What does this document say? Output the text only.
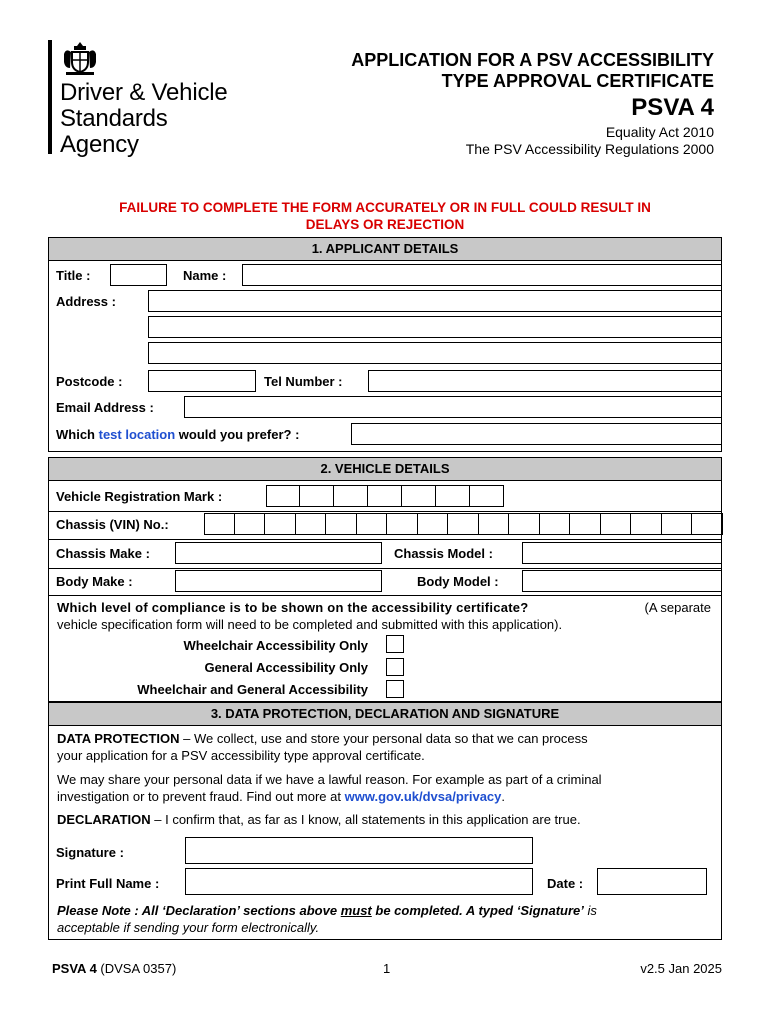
Driver & Vehicle
Standards
Agency
APPLICATION FOR A PSV ACCESSIBILITY
TYPE APPROVAL CERTIFICATE
PSVA 4
Equality Act 2010
The PSV Accessibility Regulations 2000
FAILURE TO COMPLETE THE FORM ACCURATELY OR IN FULL COULD RESULT IN
DELAYS OR REJECTION
1. APPLICANT DETAILS
Title :	Name :
Address :
Postcode :	Tel Number :
Email Address :
Which test location would you prefer? :
2. VEHICLE DETAILS
Vehicle Registration Mark :
Chassis (VIN) No.:
Chassis Make :	Chassis Model :
Body Make :	Body Model :
Which level of compliance is to be shown on the accessibility certificate?	(A separate
vehicle specification form will need to be completed and submitted with this application).
Wheelchair Accessibility Only
General Accessibility Only
Wheelchair and General Accessibility
3. DATA PROTECTION, DECLARATION AND SIGNATURE
DATA PROTECTION – We collect, use and store your personal data so that we can process
your application for a PSV accessibility type approval certificate.
We may share your personal data if we have a lawful reason. For example as part of a criminal
investigation or to prevent fraud. Find out more at www.gov.uk/dvsa/privacy.
DECLARATION – I confirm that, as far as I know, all statements in this application are true.
Signature :
Print Full Name :	Date :
Please Note : All ‘Declaration’ sections above must be completed. A typed ‘Signature’ is
acceptable if sending your form electronically.
PSVA 4 (DVSA 0357)	1	v2.5 Jan 2025
